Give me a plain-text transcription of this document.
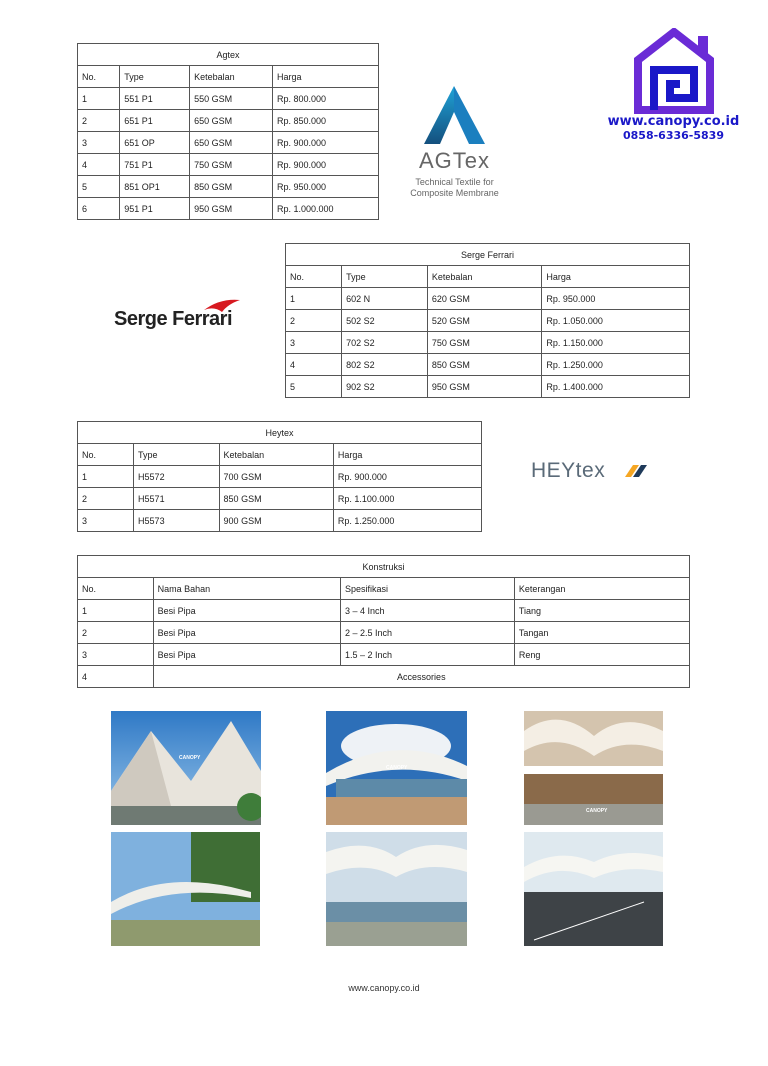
www.canopy.co.id
0858-6336-5839
Agtex			
No.	Type	Ketebalan	Harga
1	551 P1	550 GSM	Rp. 800.000
2	651 P1	650 GSM	Rp. 850.000
3	651 OP	650 GSM	Rp. 900.000
4	751 P1	750 GSM	Rp. 900.000
5	851 OP1	850 GSM	Rp. 950.000
6	951 P1	950 GSM	Rp. 1.000.000
AGTex
Technical Textile for
Composite Membrane
Serge Ferrari
Serge Ferrari			
No.	Type	Ketebalan	Harga
1	602 N	620 GSM	Rp. 950.000
2	502 S2	520 GSM	Rp. 1.050.000
3	702 S2	750 GSM	Rp. 1.150.000
4	802 S2	850 GSM	Rp. 1.250.000
5	902 S2	950 GSM	Rp. 1.400.000
Heytex			
No.	Type	Ketebalan	Harga
1	H5572	700 GSM	Rp. 900.000
2	H5571	850 GSM	Rp. 1.100.000
3	H5573	900 GSM	Rp. 1.250.000
HEYtex
Konstruksi			
No.	Nama Bahan	Spesifikasi	Keterangan
1	Besi Pipa	3 – 4 Inch	Tiang
2	Besi Pipa	2 – 2.5 Inch	Tangan
3	Besi Pipa	1.5 – 2 Inch	Reng
4	Accessories		
CANOPY
CANOPY
CANOPY
www.canopy.co.id
